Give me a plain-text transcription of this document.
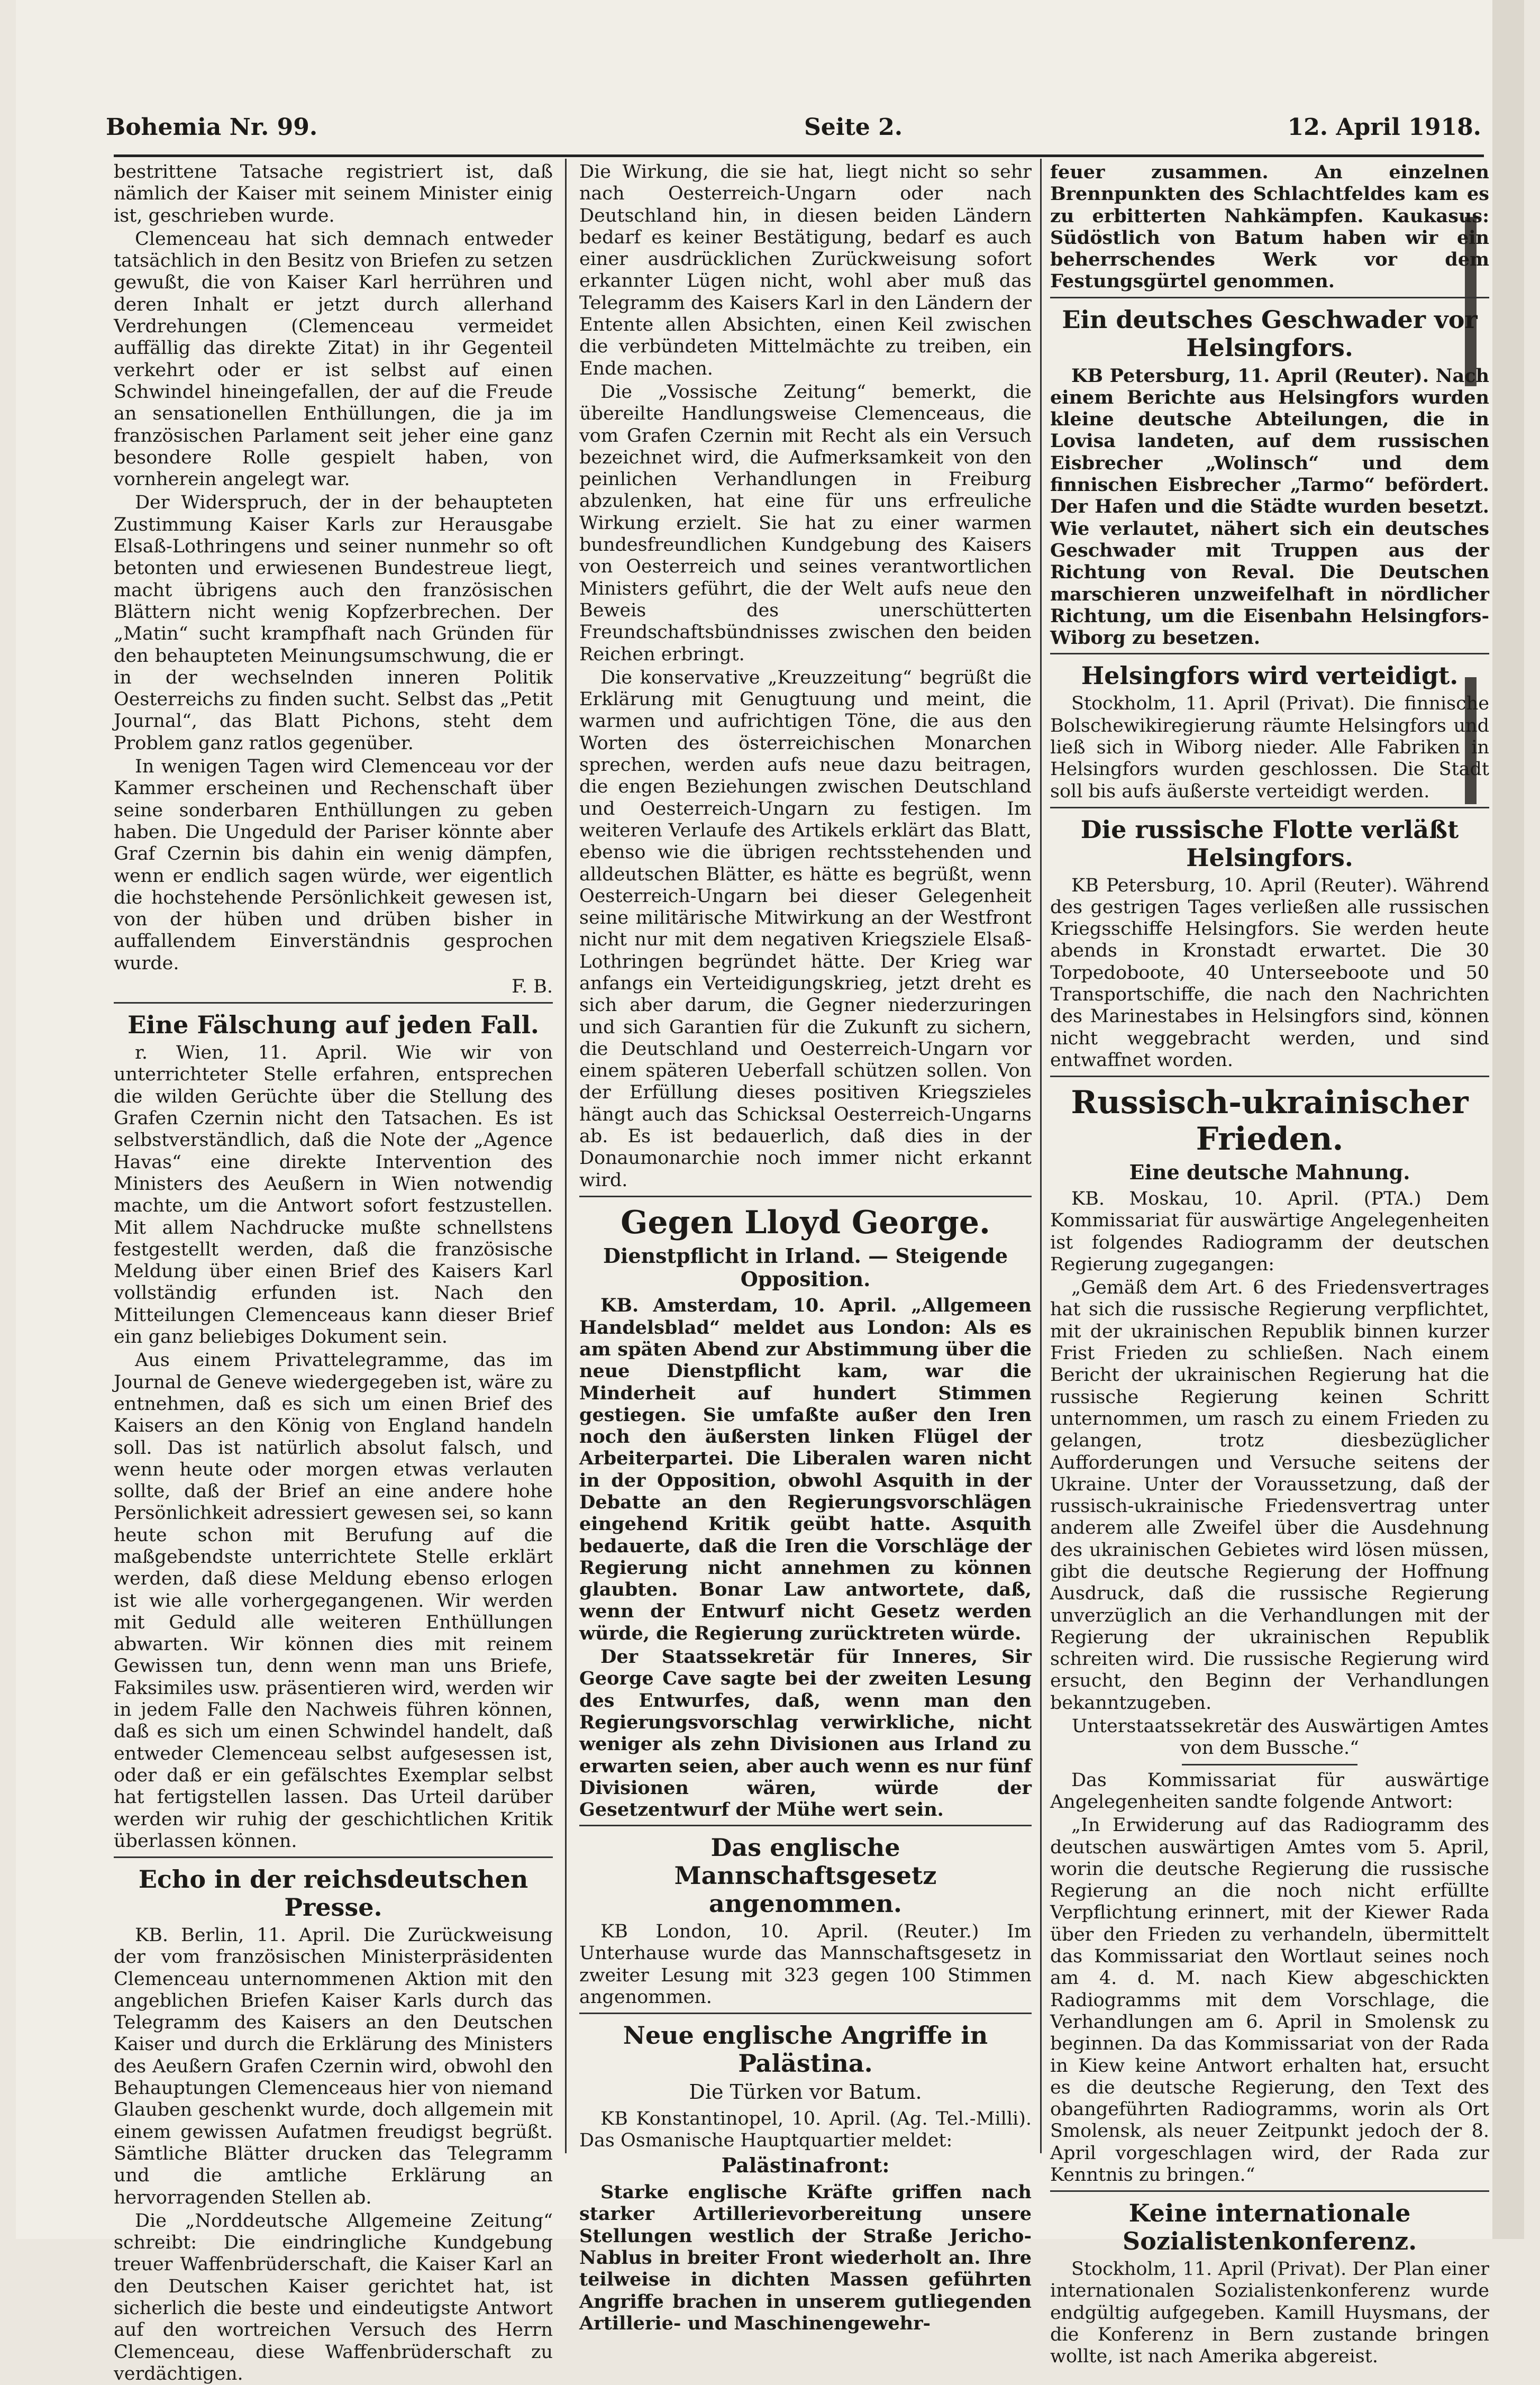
Bohemia Nr. 99.	Seite 2.	12. April 1918.

bestrittene Tatsache registriert ist, daß nämlich der Kaiser mit seinem Minister einig ist, geschrieben wurde.

Clemenceau hat sich demnach entweder tatsächlich in den Besitz von Briefen zu setzen gewußt, die von Kaiser Karl herrühren und deren Inhalt er jetzt durch allerhand Verdrehungen (Clemenceau vermeidet auffällig das direkte Zitat) in ihr Gegenteil verkehrt oder er ist selbst auf einen Schwindel hineingefallen, der auf die Freude an sensationellen Enthüllungen, die ja im französischen Parlament seit jeher eine ganz besondere Rolle gespielt haben, von vornherein angelegt war.

Der Widerspruch, der in der behaupteten Zustimmung Kaiser Karls zur Herausgabe Elsaß-Lothringens und seiner nunmehr so oft betonten und erwiesenen Bundestreue liegt, macht übrigens auch den französischen Blättern nicht wenig Kopfzerbrechen. Der „Matin“ sucht krampfhaft nach Gründen für den behaupteten Meinungsumschwung, die er in der wechselnden inneren Politik Oesterreichs zu finden sucht. Selbst das „Petit Journal“, das Blatt Pichons, steht dem Problem ganz ratlos gegenüber.

In wenigen Tagen wird Clemenceau vor der Kammer erscheinen und Rechenschaft über seine sonderbaren Enthüllungen zu geben haben. Die Ungeduld der Pariser könnte aber Graf Czernin bis dahin ein wenig dämpfen, wenn er endlich sagen würde, wer eigentlich die hochstehende Persönlichkeit gewesen ist, von der hüben und drüben bisher in auffallendem Einverständnis gesprochen wurde.

F. B.
Eine Fälschung auf jeden Fall.

r. Wien, 11. April. Wie wir von unterrichteter Stelle erfahren, entsprechen die wilden Gerüchte über die Stellung des Grafen Czernin nicht den Tatsachen. Es ist selbstverständlich, daß die Note der „Agence Havas“ eine direkte Intervention des Ministers des Aeußern in Wien notwendig machte, um die Antwort sofort festzustellen. Mit allem Nachdrucke mußte schnellstens festgestellt werden, daß die französische Meldung über einen Brief des Kaisers Karl vollständig erfunden ist. Nach den Mitteilungen Clemenceaus kann dieser Brief ein ganz beliebiges Dokument sein.

Aus einem Privattelegramme, das im Journal de Geneve wiedergegeben ist, wäre zu entnehmen, daß es sich um einen Brief des Kaisers an den König von England handeln soll. Das ist natürlich absolut falsch, und wenn heute oder morgen etwas verlauten sollte, daß der Brief an eine andere hohe Persönlichkeit adressiert gewesen sei, so kann heute schon mit Berufung auf die maßgebendste unterrichtete Stelle erklärt werden, daß diese Meldung ebenso erlogen ist wie alle vorhergegangenen. Wir werden mit Geduld alle weiteren Enthüllungen abwarten. Wir können dies mit reinem Gewissen tun, denn wenn man uns Briefe, Faksimiles usw. präsentieren wird, werden wir in jedem Falle den Nachweis führen können, daß es sich um einen Schwindel handelt, daß entweder Clemenceau selbst aufgesessen ist, oder daß er ein gefälschtes Exemplar selbst hat fertigstellen lassen. Das Urteil darüber werden wir ruhig der geschichtlichen Kritik überlassen können.

Echo in der reichsdeutschen Presse.

KB. Berlin, 11. April. Die Zurückweisung der vom französischen Ministerpräsidenten Clemenceau unternommenen Aktion mit den angeblichen Briefen Kaiser Karls durch das Telegramm des Kaisers an den Deutschen Kaiser und durch die Erklärung des Ministers des Aeußern Grafen Czernin wird, obwohl den Behauptungen Clemenceaus hier von niemand Glauben geschenkt wurde, doch allgemein mit einem gewissen Aufatmen freudigst begrüßt. Sämtliche Blätter drucken das Telegramm und die amtliche Erklärung an hervorragenden Stellen ab.

Die „Norddeutsche Allgemeine Zeitung“ schreibt: Die eindringliche Kundgebung treuer Waffenbrüderschaft, die Kaiser Karl an den Deutschen Kaiser gerichtet hat, ist sicherlich die beste und eindeutigste Antwort auf den wortreichen Versuch des Herrn Clemenceau, diese Waffenbrüderschaft zu verdächtigen.

Die Wirkung, die sie hat, liegt nicht so sehr nach Oesterreich-Ungarn oder nach Deutschland hin, in diesen beiden Ländern bedarf es keiner Bestätigung, bedarf es auch einer ausdrücklichen Zurückweisung sofort erkannter Lügen nicht, wohl aber muß das Telegramm des Kaisers Karl in den Ländern der Entente allen Absichten, einen Keil zwischen die verbündeten Mittelmächte zu treiben, ein Ende machen.

Die „Vossische Zeitung“ bemerkt, die übereilte Handlungsweise Clemenceaus, die vom Grafen Czernin mit Recht als ein Versuch bezeichnet wird, die Aufmerksamkeit von den peinlichen Verhandlungen in Freiburg abzulenken, hat eine für uns erfreuliche Wirkung erzielt. Sie hat zu einer warmen bundesfreundlichen Kundgebung des Kaisers von Oesterreich und seines verantwortlichen Ministers geführt, die der Welt aufs neue den Beweis des unerschütterten Freundschaftsbündnisses zwischen den beiden Reichen erbringt.

Die konservative „Kreuzzeitung“ begrüßt die Erklärung mit Genugtuung und meint, die warmen und aufrichtigen Töne, die aus den Worten des österreichischen Monarchen sprechen, werden aufs neue dazu beitragen, die engen Beziehungen zwischen Deutschland und Oesterreich-Ungarn zu festigen. Im weiteren Verlaufe des Artikels erklärt das Blatt, ebenso wie die übrigen rechtsstehenden und alldeutschen Blätter, es hätte es begrüßt, wenn Oesterreich-Ungarn bei dieser Gelegenheit seine militärische Mitwirkung an der Westfront nicht nur mit dem negativen Kriegsziele Elsaß-Lothringen begründet hätte. Der Krieg war anfangs ein Verteidigungskrieg, jetzt dreht es sich aber darum, die Gegner niederzuringen und sich Garantien für die Zukunft zu sichern, die Deutschland und Oesterreich-Ungarn vor einem späteren Ueberfall schützen sollen. Von der Erfüllung dieses positiven Kriegszieles hängt auch das Schicksal Oesterreich-Ungarns ab. Es ist bedauerlich, daß dies in der Donaumonarchie noch immer nicht erkannt wird.

Gegen Lloyd George.
Dienstpflicht in Irland. — Steigende Opposition.

KB. Amsterdam, 10. April. „Allgemeen Handelsblad“ meldet aus London: Als es am späten Abend zur Abstimmung über die neue Dienstpflicht kam, war die Minderheit auf hundert Stimmen gestiegen. Sie umfaßte außer den Iren noch den äußersten linken Flügel der Arbeiterpartei. Die Liberalen waren nicht in der Opposition, obwohl Asquith in der Debatte an den Regierungsvorschlägen eingehend Kritik geübt hatte. Asquith bedauerte, daß die Iren die Vorschläge der Regierung nicht annehmen zu können glaubten. Bonar Law antwortete, daß, wenn der Entwurf nicht Gesetz werden würde, die Regierung zurücktreten würde.

Der Staatssekretär für Inneres, Sir George Cave sagte bei der zweiten Lesung des Entwurfes, daß, wenn man den Regierungsvorschlag verwirkliche, nicht weniger als zehn Divisionen aus Irland zu erwarten seien, aber auch wenn es nur fünf Divisionen wären, würde der Gesetzentwurf der Mühe wert sein.

Das englische Mannschaftsgesetz angenommen.

KB London, 10. April. (Reuter.) Im Unterhause wurde das Mannschaftsgesetz in zweiter Lesung mit 323 gegen 100 Stimmen angenommen.

Neue englische Angriffe in Palästina.
Die Türken vor Batum.

KB Konstantinopel, 10. April. (Ag. Tel.-Milli). Das Osmanische Hauptquartier meldet:

Palästinafront:

Starke englische Kräfte griffen nach starker Artillerievorbereitung unsere Stellungen westlich der Straße Jericho-Nablus in breiter Front wiederholt an. Ihre teilweise in dichten Massen geführten Angriffe brachen in unserem gutliegenden Artillerie- und Maschinengewehr-

feuer zusammen. An einzelnen Brennpunkten des Schlachtfeldes kam es zu erbitterten Nahkämpfen. Kaukasus: Südöstlich von Batum haben wir ein beherrschendes Werk vor dem Festungsgürtel genommen.

Ein deutsches Geschwader vor Helsingfors.

KB Petersburg, 11. April (Reuter). Nach einem Berichte aus Helsingfors wurden kleine deutsche Abteilungen, die in Lovisa landeten, auf dem russischen Eisbrecher „Wolinsch“ und dem finnischen Eisbrecher „Tarmo“ befördert. Der Hafen und die Städte wurden besetzt. Wie verlautet, nähert sich ein deutsches Geschwader mit Truppen aus der Richtung von Reval. Die Deutschen marschieren unzweifelhaft in nördlicher Richtung, um die Eisenbahn Helsingfors-Wiborg zu besetzen.

Helsingfors wird verteidigt.

Stockholm, 11. April (Privat). Die finnische Bolschewikiregierung räumte Helsingfors und ließ sich in Wiborg nieder. Alle Fabriken in Helsingfors wurden geschlossen. Die Stadt soll bis aufs äußerste verteidigt werden.

Die russische Flotte verläßt Helsingfors.

KB Petersburg, 10. April (Reuter). Während des gestrigen Tages verließen alle russischen Kriegsschiffe Helsingfors. Sie werden heute abends in Kronstadt erwartet. Die 30 Torpedoboote, 40 Unterseeboote und 50 Transportschiffe, die nach den Nachrichten des Marinestabes in Helsingfors sind, können nicht weggebracht werden, und sind entwaffnet worden.

Russisch-ukrainischer Frieden.
Eine deutsche Mahnung.

KB. Moskau, 10. April. (PTA.) Dem Kommissariat für auswärtige Angelegenheiten ist folgendes Radiogramm der deutschen Regierung zugegangen:

„Gemäß dem Art. 6 des Friedensvertrages hat sich die russische Regierung verpflichtet, mit der ukrainischen Republik binnen kurzer Frist Frieden zu schließen. Nach einem Bericht der ukrainischen Regierung hat die russische Regierung keinen Schritt unternommen, um rasch zu einem Frieden zu gelangen, trotz diesbezüglicher Aufforderungen und Versuche seitens der Ukraine. Unter der Voraussetzung, daß der russisch-ukrainische Friedensvertrag unter anderem alle Zweifel über die Ausdehnung des ukrainischen Gebietes wird lösen müssen, gibt die deutsche Regierung der Hoffnung Ausdruck, daß die russische Regierung unverzüglich an die Verhandlungen mit der Regierung der ukrainischen Republik schreiten wird. Die russische Regierung wird ersucht, den Beginn der Verhandlungen bekanntzugeben.

Unterstaatssekretär des Auswärtigen Amtes von dem Bussche.“

Das Kommissariat für auswärtige Angelegenheiten sandte folgende Antwort:

„In Erwiderung auf das Radiogramm des deutschen auswärtigen Amtes vom 5. April, worin die deutsche Regierung die russische Regierung an die noch nicht erfüllte Verpflichtung erinnert, mit der Kiewer Rada über den Frieden zu verhandeln, übermittelt das Kommissariat den Wortlaut seines noch am 4. d. M. nach Kiew abgeschickten Radiogramms mit dem Vorschlage, die Verhandlungen am 6. April in Smolensk zu beginnen. Da das Kommissariat von der Rada in Kiew keine Antwort erhalten hat, ersucht es die deutsche Regierung, den Text des obangeführten Radiogramms, worin als Ort Smolensk, als neuer Zeitpunkt jedoch der 8. April vorgeschlagen wird, der Rada zur Kenntnis zu bringen.“

Keine internationale Sozialistenkonferenz.

Stockholm, 11. April (Privat). Der Plan einer internationalen Sozialistenkonferenz wurde endgültig aufgegeben. Kamill Huysmans, der die Konferenz in Bern zustande bringen wollte, ist nach Amerika abgereist.
